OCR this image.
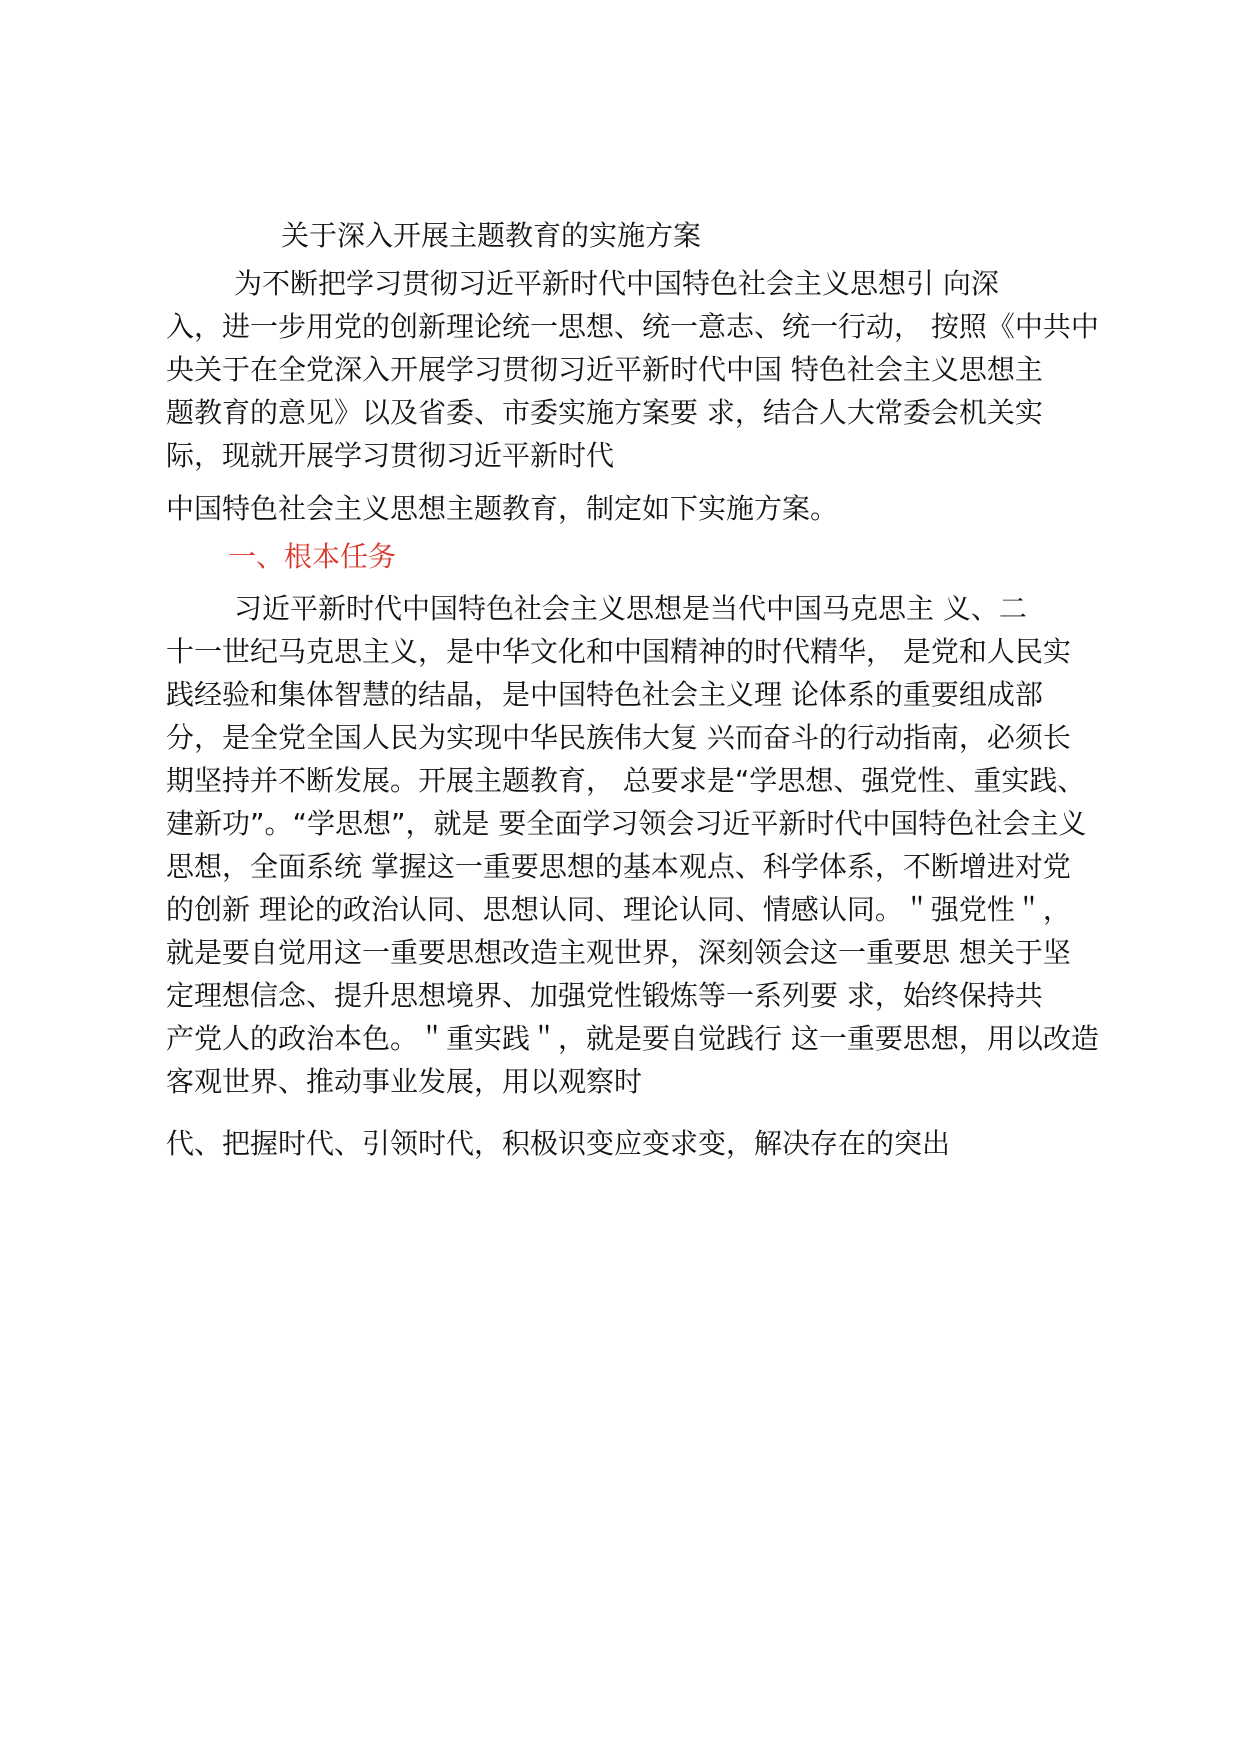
关于深入开展主题教育的实施方案

为不断把学习贯彻习近平新时代中国特色社会主义思想引 向深

入，进一步用党的创新理论统一思想、统一意志、统一行动， 按照《中共中

央关于在全党深入开展学习贯彻习近平新时代中国 特色社会主义思想主

题教育的意见》以及省委、市委实施方案要 求，结合人大常委会机关实

际，现就开展学习贯彻习近平新时代

中国特色社会主义思想主题教育，制定如下实施方案。

一、根本任务

习近平新时代中国特色社会主义思想是当代中国马克思主 义、二

十一世纪马克思主义，是中华文化和中国精神的时代精华， 是党和人民实

践经验和集体智慧的结晶，是中国特色社会主义理 论体系的重要组成部

分，是全党全国人民为实现中华民族伟大复 兴而奋斗的行动指南，必须长

期坚持并不断发展。开展主题教育， 总要求是“学思想、强党性、重实践、

建新功”。“学思想”，就是 要全面学习领会习近平新时代中国特色社会主义

思想，全面系统 掌握这一重要思想的基本观点、科学体系，不断增进对党

的创新 理论的政治认同、思想认同、理论认同、情感认同。＂强党性＂，

就是要自觉用这一重要思想改造主观世界，深刻领会这一重要思 想关于坚

定理想信念、提升思想境界、加强党性锻炼等一系列要 求，始终保持共

产党人的政治本色。＂重实践＂，就是要自觉践行 这一重要思想，用以改造

客观世界、推动事业发展，用以观察时

代、把握时代、引领时代，积极识变应变求变，解决存在的突出
